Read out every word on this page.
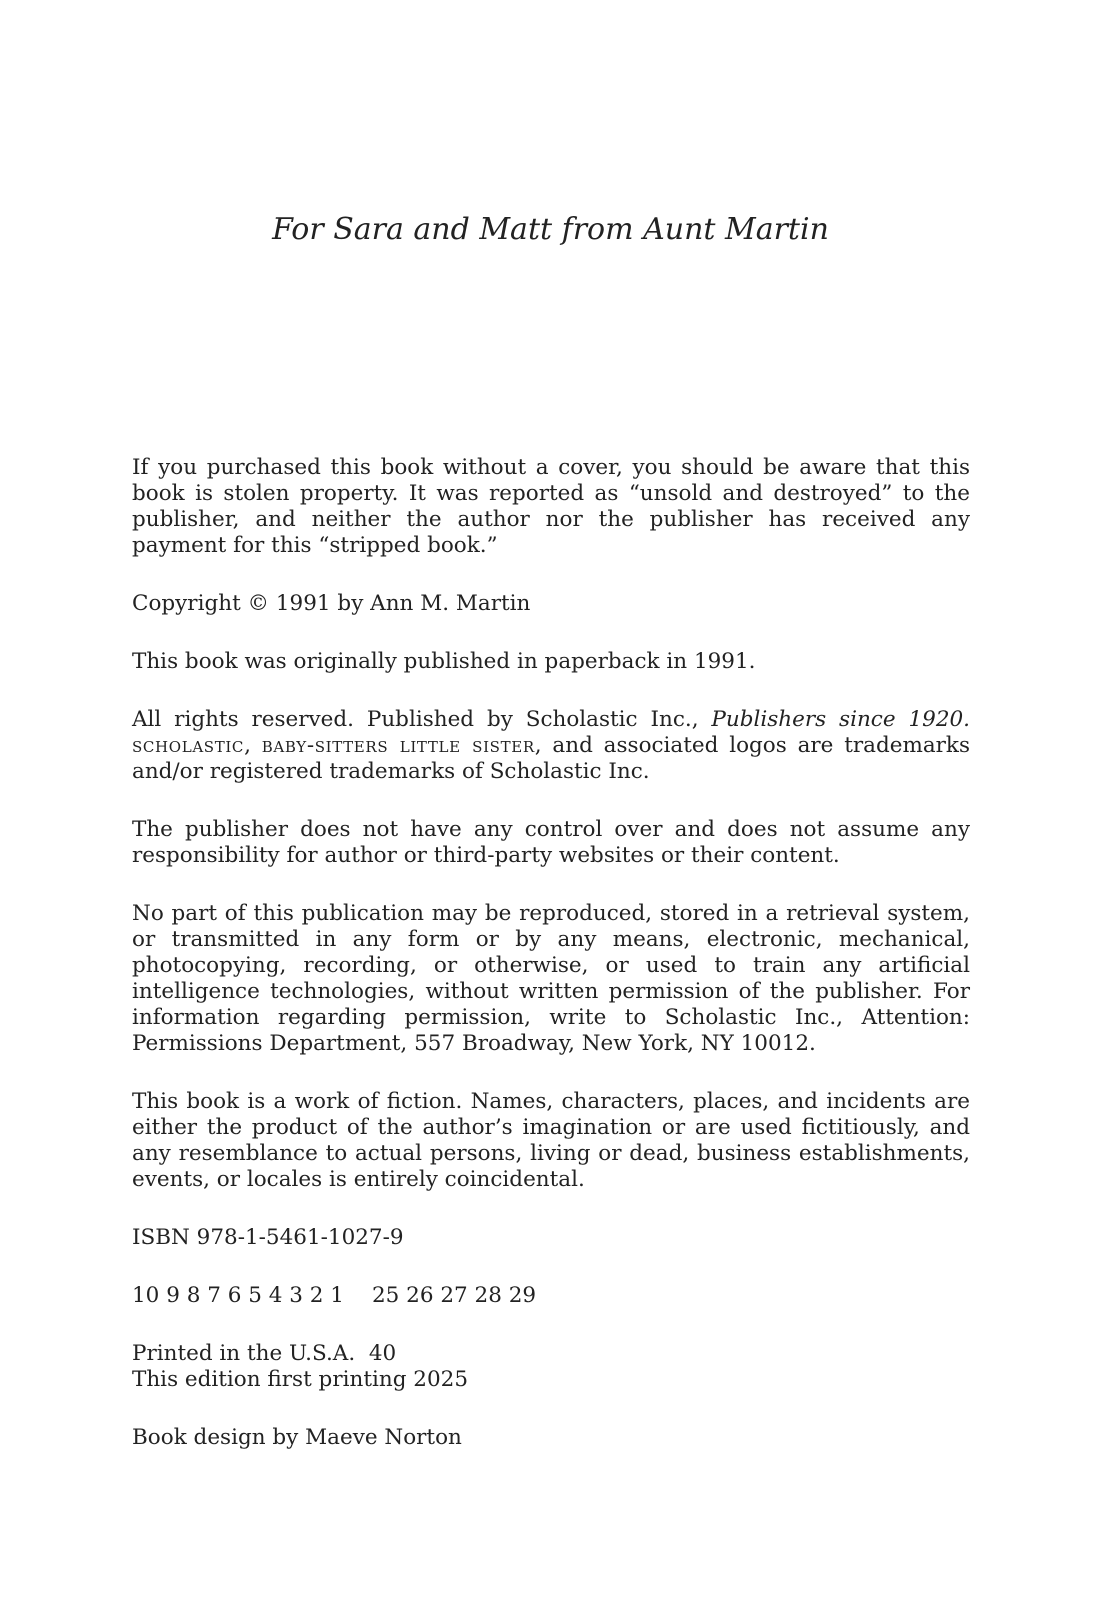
For Sara and Matt from Aunt Martin

If you purchased this book without a cover, you should be aware that this book is stolen property. It was reported as “unsold and destroyed” to the publisher, and neither the author nor the publisher has received any payment for this “stripped book.”

Copyright © 1991 by Ann M. Martin

This book was originally published in paperback in 1991.

All rights reserved. Published by Scholastic Inc., Publishers since 1920. scholastic, baby-sitters little sister, and associated logos are trademarks and/or registered trademarks of Scholastic Inc.

The publisher does not have any control over and does not assume any responsibility for author or third-party websites or their content.

No part of this publication may be reproduced, stored in a retrieval system, or transmitted in any form or by any means, electronic, mechanical, photocopying, recording, or otherwise, or used to train any artificial intelligence technologies, without written permission of the publisher. For information regarding permission, write to Scholastic Inc., Attention: Permissions Department, 557 Broadway, New York, NY 10012.

This book is a work of fiction. Names, characters, places, and incidents are either the product of the author’s imagination or are used fictitiously, and any resemblance to actual persons, living or dead, business establishments, events, or locales is entirely coincidental.

ISBN 978-1-5461-1027-9

10 9 8 7 6 5 4 3 2 1 25 26 27 28 29

Printed in the U.S.A.  40
This edition first printing 2025

Book design by Maeve Norton
